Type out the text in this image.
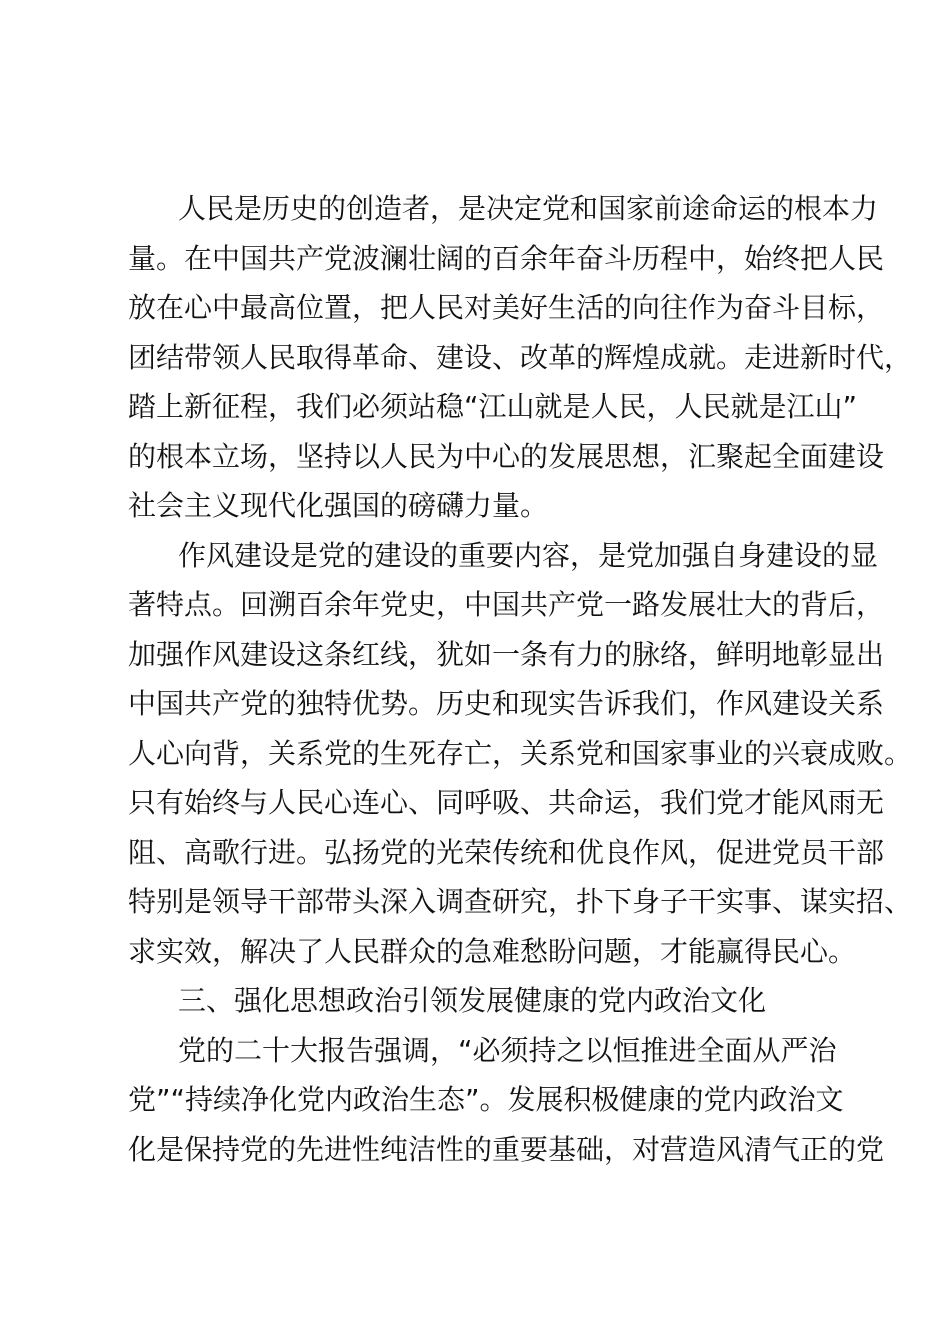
人民是历史的创造者，是决定党和国家前途命运的根本力
量。在中国共产党波澜壮阔的百余年奋斗历程中，始终把人民
放在心中最高位置，把人民对美好生活的向往作为奋斗目标，
团结带领人民取得革命、建设、改革的辉煌成就。走进新时代，
踏上新征程，我们必须站稳“江山就是人民，人民就是江山”
的根本立场，坚持以人民为中心的发展思想，汇聚起全面建设
社会主义现代化强国的磅礴力量。
作风建设是党的建设的重要内容，是党加强自身建设的显
著特点。回溯百余年党史，中国共产党一路发展壮大的背后，
加强作风建设这条红线，犹如一条有力的脉络，鲜明地彰显出
中国共产党的独特优势。历史和现实告诉我们，作风建设关系
人心向背，关系党的生死存亡，关系党和国家事业的兴衰成败。
只有始终与人民心连心、同呼吸、共命运，我们党才能风雨无
阻、高歌行进。弘扬党的光荣传统和优良作风，促进党员干部
特别是领导干部带头深入调查研究，扑下身子干实事、谋实招、
求实效，解决了人民群众的急难愁盼问题，才能赢得民心。
三、强化思想政治引领发展健康的党内政治文化
党的二十大报告强调，“必须持之以恒推进全面从严治
党”“持续净化党内政治生态”。发展积极健康的党内政治文
化是保持党的先进性纯洁性的重要基础，对营造风清气正的党
